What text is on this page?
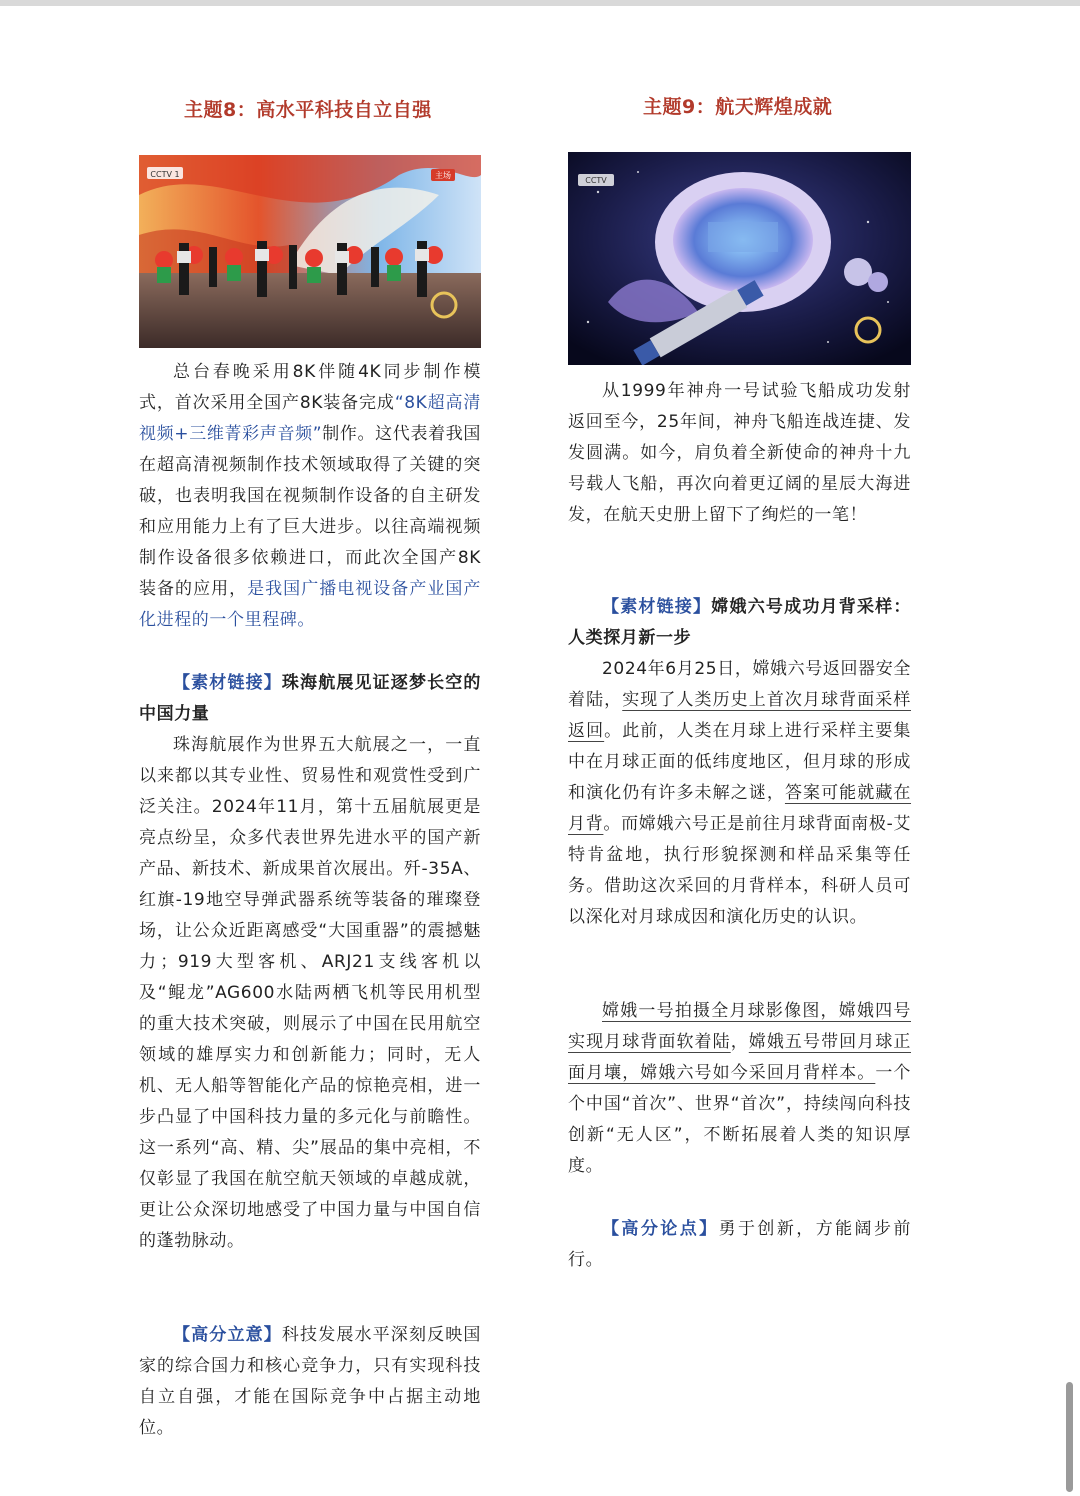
主题8：高水平科技自立自强
CCTV 1	主场

总台春晚采用8K伴随4K同步制作模式，首次采用全国产8K装备完成“8K超高清视频+三维菁彩声音频”制作。这代表着我国在超高清视频制作技术领域取得了关键的突破，也表明我国在视频制作设备的自主研发和应用能力上有了巨大进步。以往高端视频制作设备很多依赖进口，而此次全国产8K 装备的应用，是我国广播电视设备产业国产化进程的一个里程碑。

【素材链接】珠海航展见证逐梦长空的中国力量

珠海航展作为世界五大航展之一，一直以来都以其专业性、贸易性和观赏性受到广泛关注。2024年11月，第十五届航展更是亮点纷呈，众多代表世界先进水平的国产新产品、新技术、新成果首次展出。歼-35A、红旗-19地空导弹武器系统等装备的璀璨登场，让公众近距离感受“大国重器”的震撼魅力；919大型客机、ARJ21支线客机以及“鲲龙”AG600水陆两栖飞机等民用机型的重大技术突破，则展示了中国在民用航空领域的雄厚实力和创新能力；同时，无人机、无人船等智能化产品的惊艳亮相，进一步凸显了中国科技力量的多元化与前瞻性。这一系列“高、精、尖”展品的集中亮相，不仅彰显了我国在航空航天领域的卓越成就，更让公众深切地感受了中国力量与中国自信的蓬勃脉动。

【高分立意】科技发展水平深刻反映国家的综合国力和核心竞争力，只有实现科技自立自强，才能在国际竞争中占据主动地位。

主题9：航天辉煌成就
CCTV

从1999年神舟一号试验飞船成功发射返回至今，25年间，神舟飞船连战连捷、发发圆满。如今，肩负着全新使命的神舟十九号载人飞船，再次向着更辽阔的星辰大海进发，在航天史册上留下了绚烂的一笔！

【素材链接】嫦娥六号成功月背采样：人类探月新一步

2024年6月25日，嫦娥六号返回器安全着陆，实现了人类历史上首次月球背面采样返回。此前，人类在月球上进行采样主要集中在月球正面的低纬度地区，但月球的形成和演化仍有许多未解之谜，答案可能就藏在月背。而嫦娥六号正是前往月球背面南极-艾特肯盆地，执行形貌探测和样品采集等任务。借助这次采回的月背样本，科研人员可以深化对月球成因和演化历史的认识。

嫦娥一号拍摄全月球影像图，嫦娥四号实现月球背面软着陆，嫦娥五号带回月球正面月壤，嫦娥六号如今采回月背样本。一个个中国“首次”、世界“首次”，持续闯向科技创新“无人区”，不断拓展着人类的知识厚度。

【高分论点】勇于创新，方能阔步前行。
